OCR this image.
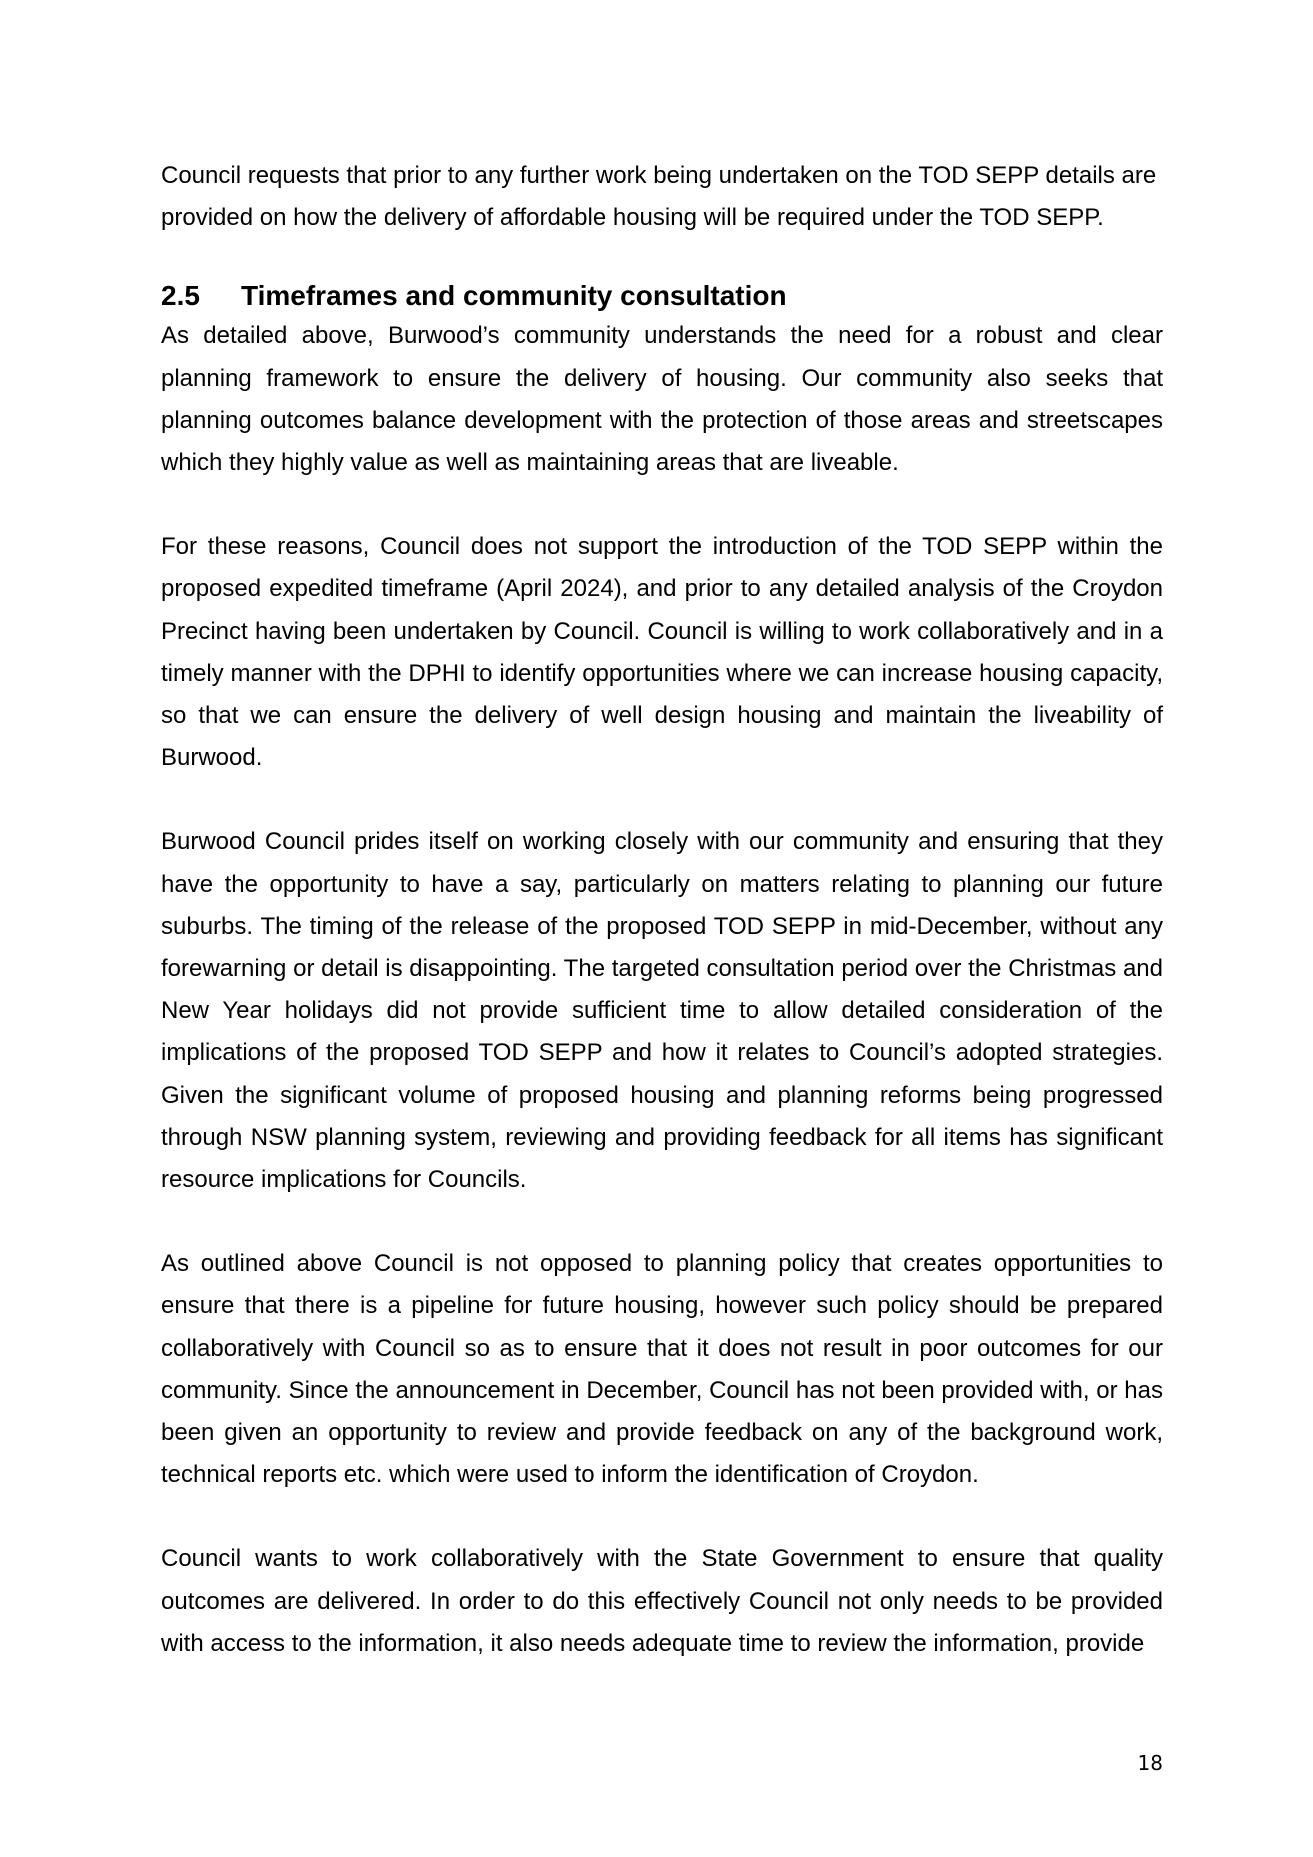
Council requests that prior to any further work being undertaken on the TOD SEPP details are provided on how the delivery of affordable housing will be required under the TOD SEPP.

2.5	Timeframes and community consultation

As detailed above, Burwood’s community understands the need for a robust and clear planning framework to ensure the delivery of housing. Our community also seeks that planning outcomes balance development with the protection of those areas and streetscapes which they highly value as well as maintaining areas that are liveable.

For these reasons, Council does not support the introduction of the TOD SEPP within the proposed expedited timeframe (April 2024), and prior to any detailed analysis of the Croydon Precinct having been undertaken by Council. Council is willing to work collaboratively and in a timely manner with the DPHI to identify opportunities where we can increase housing capacity, so that we can ensure the delivery of well design housing and maintain the liveability of Burwood.

Burwood Council prides itself on working closely with our community and ensuring that they have the opportunity to have a say, particularly on matters relating to planning our future suburbs. The timing of the release of the proposed TOD SEPP in mid-December, without any forewarning or detail is disappointing. The targeted consultation period over the Christmas and New Year holidays did not provide sufficient time to allow detailed consideration of the implications of the proposed TOD SEPP and how it relates to Council’s adopted strategies. Given the significant volume of proposed housing and planning reforms being progressed through NSW planning system, reviewing and providing feedback for all items has significant resource implications for Councils.

As outlined above Council is not opposed to planning policy that creates opportunities to ensure that there is a pipeline for future housing, however such policy should be prepared collaboratively with Council so as to ensure that it does not result in poor outcomes for our community. Since the announcement in December, Council has not been provided with, or has been given an opportunity to review and provide feedback on any of the background work, technical reports etc. which were used to inform the identification of Croydon.

Council wants to work collaboratively with the State Government to ensure that quality outcomes are delivered. In order to do this effectively Council not only needs to be provided with access to the information, it also needs adequate time to review the information, provide

18
